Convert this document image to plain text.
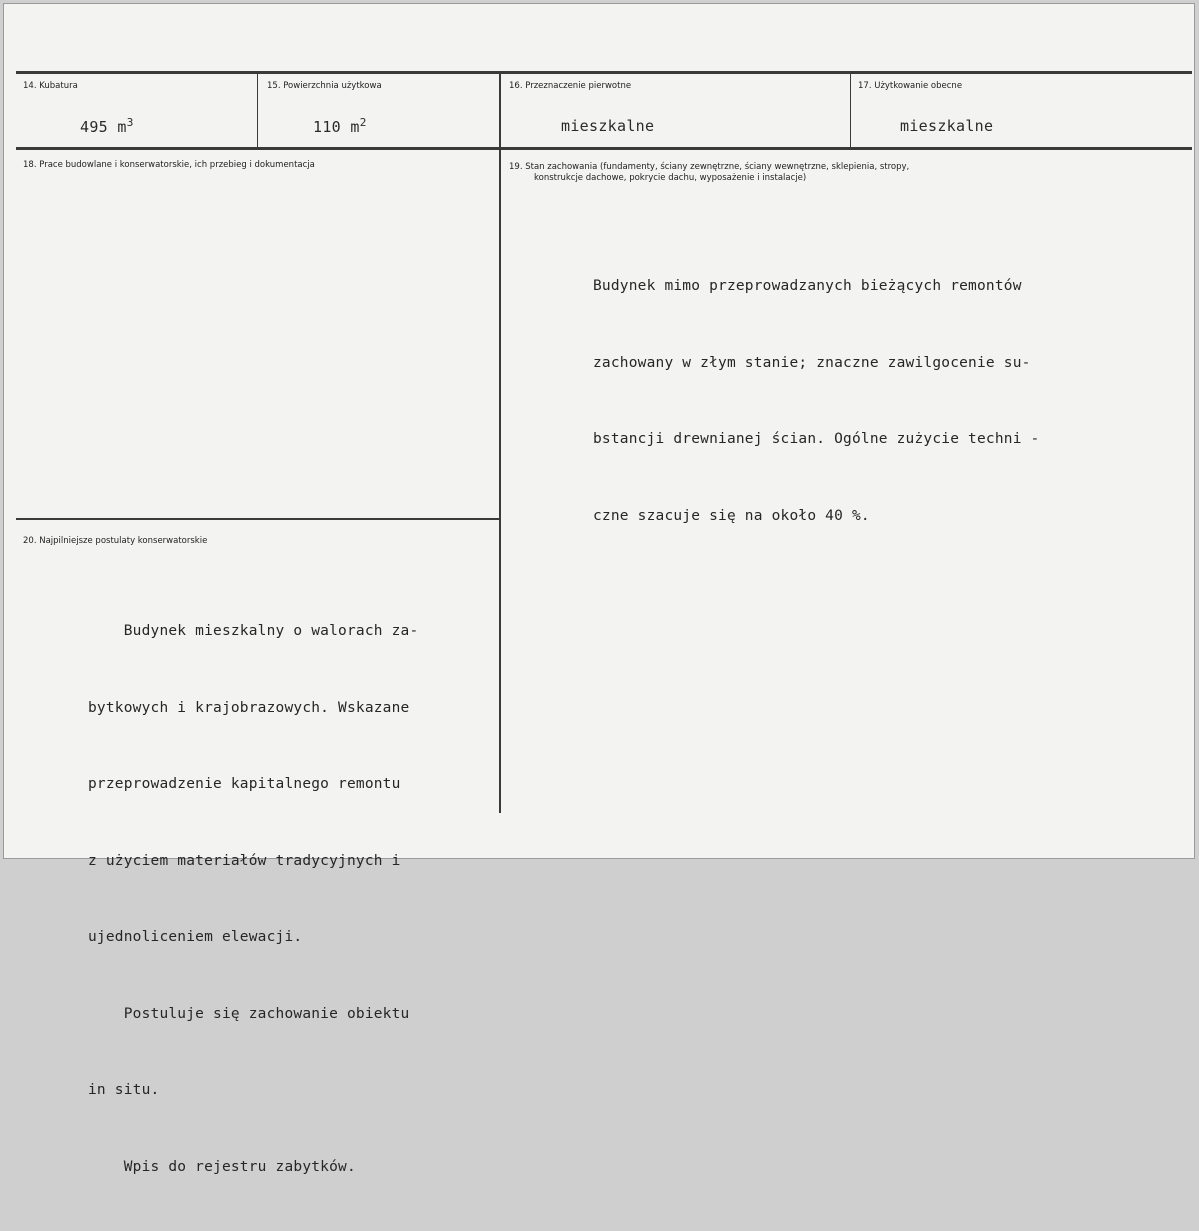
14. Kubatura
495 $m^3$
15. Powierzchnia użytkowa
110 $m^2$
16. Przeznaczenie pierwotne
mieszkalne
17. Użytkowanie obecne
mieszkalne
18. Prace budowlane i konserwatorskie, ich przebieg i dokumentacja	19. Stan zachowania (fundamenty, ściany zewnętrzne, ściany wewnętrzne, sklepienia, stropy,
konstrukcje dachowe, pokrycie dachu, wyposażenie i instalacje)

Budynek mimo przeprowadzanych bieżących remontów

zachowany w złym stanie; znaczne zawilgocenie su-

bstancji drewnianej ścian. Ogólne zużycie techni -

czne szacuje się na około 40 %.

20. Najpilniejsze postulaty konserwatorskie

Budynek mieszkalny o walorach za-

bytkowych i krajobrazowych. Wskazane

przeprowadzenie kapitalnego remontu

z użyciem materiałów tradycyjnych i

ujednoliceniem elewacji.

Postuluje się zachowanie obiektu

in situ.

Wpis do rejestru zabytków.
